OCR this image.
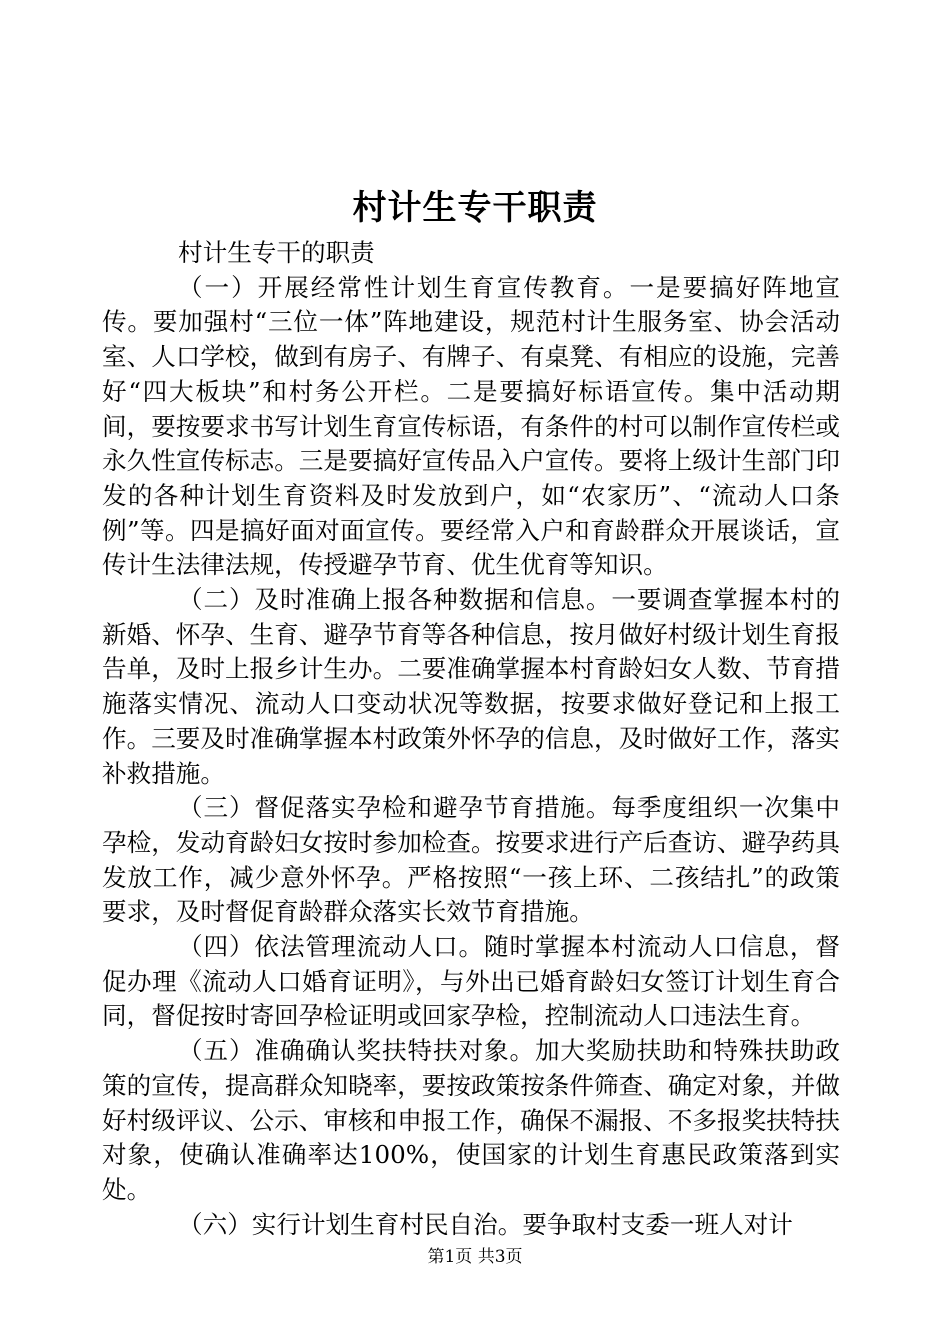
村计生专干职责

村计生专干的职责

（一）开展经常性计划生育宣传教育。一是要搞好阵地宣传。要加强村“三位一体”阵地建设，规范村计生服务室、协会活动室、人口学校，做到有房子、有牌子、有桌凳、有相应的设施，完善好“四大板块”和村务公开栏。二是要搞好标语宣传。集中活动期间，要按要求书写计划生育宣传标语，有条件的村可以制作宣传栏或永久性宣传标志。三是要搞好宣传品入户宣传。要将上级计生部门印发的各种计划生育资料及时发放到户，如“农家历”、“流动人口条例”等。四是搞好面对面宣传。要经常入户和育龄群众开展谈话，宣传计生法律法规，传授避孕节育、优生优育等知识。

（二）及时准确上报各种数据和信息。一要调查掌握本村的新婚、怀孕、生育、避孕节育等各种信息，按月做好村级计划生育报告单，及时上报乡计生办。二要准确掌握本村育龄妇女人数、节育措施落实情况、流动人口变动状况等数据，按要求做好登记和上报工作。三要及时准确掌握本村政策外怀孕的信息，及时做好工作，落实补救措施。

（三）督促落实孕检和避孕节育措施。每季度组织一次集中孕检，发动育龄妇女按时参加检查。按要求进行产后查访、避孕药具发放工作，减少意外怀孕。严格按照“一孩上环、二孩结扎”的政策要求，及时督促育龄群众落实长效节育措施。

（四）依法管理流动人口。随时掌握本村流动人口信息，督促办理《流动人口婚育证明》，与外出已婚育龄妇女签订计划生育合同，督促按时寄回孕检证明或回家孕检，控制流动人口违法生育。

（五）准确确认奖扶特扶对象。加大奖励扶助和特殊扶助政策的宣传，提高群众知晓率，要按政策按条件筛查、确定对象，并做好村级评议、公示、审核和申报工作，确保不漏报、不多报奖扶特扶对象，使确认准确率达100%，使国家的计划生育惠民政策落到实处。

（六）实行计划生育村民自治。要争取村支委一班人对计

第1页 共3页
